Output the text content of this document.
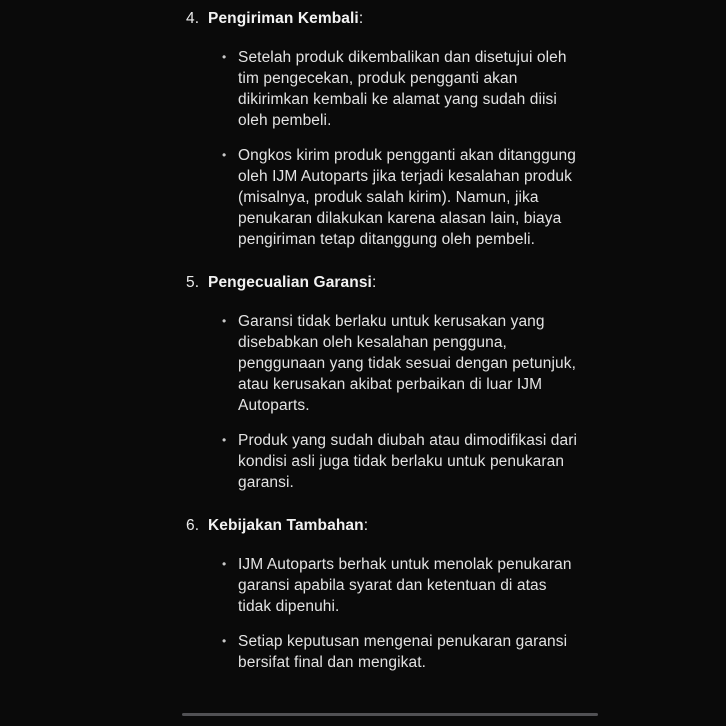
4. Pengiriman Kembali:
• Setelah produk dikembalikan dan disetujui oleh tim pengecekan, produk pengganti akan dikirimkan kembali ke alamat yang sudah diisi oleh pembeli.
• Ongkos kirim produk pengganti akan ditanggung oleh IJM Autoparts jika terjadi kesalahan produk (misalnya, produk salah kirim). Namun, jika penukaran dilakukan karena alasan lain, biaya pengiriman tetap ditanggung oleh pembeli.
5. Pengecualian Garansi:
• Garansi tidak berlaku untuk kerusakan yang disebabkan oleh kesalahan pengguna, penggunaan yang tidak sesuai dengan petunjuk, atau kerusakan akibat perbaikan di luar IJM Autoparts.
• Produk yang sudah diubah atau dimodifikasi dari kondisi asli juga tidak berlaku untuk penukaran garansi.
6. Kebijakan Tambahan:
• IJM Autoparts berhak untuk menolak penukaran garansi apabila syarat dan ketentuan di atas tidak dipenuhi.
• Setiap keputusan mengenai penukaran garansi bersifat final dan mengikat.
